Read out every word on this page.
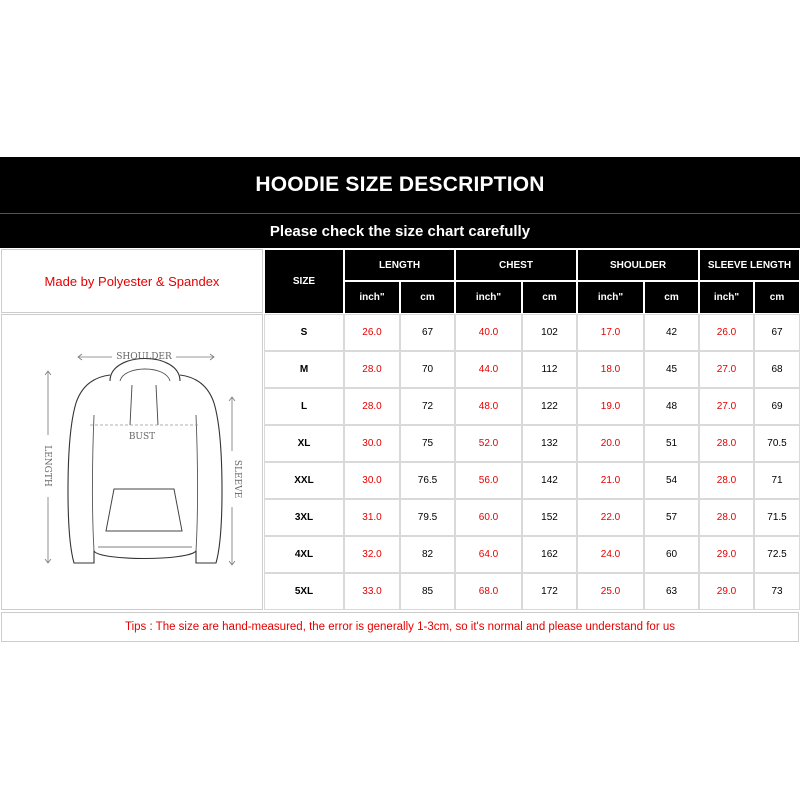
HOODIE SIZE DESCRIPTION
Please check the size chart carefully
Made by Polyester & Spandex
SHOULDER
BUST
LENGTH	SLEEVE
SIZE
LENGTH
inch"	cm
CHEST
inch"	cm
SHOULDER
inch"	cm
SLEEVE LENGTH
inch"	cm
S	26.0	67	40.0	102	17.0	42	26.0	67
M	28.0	70	44.0	112	18.0	45	27.0	68
L	28.0	72	48.0	122	19.0	48	27.0	69
XL	30.0	75	52.0	132	20.0	51	28.0	70.5
XXL	30.0	76.5	56.0	142	21.0	54	28.0	71
3XL	31.0	79.5	60.0	152	22.0	57	28.0	71.5
4XL	32.0	82	64.0	162	24.0	60	29.0	72.5
5XL	33.0	85	68.0	172	25.0	63	29.0	73
Tips : The size are hand-measured, the error is generally 1-3cm, so it's normal and please understand for us
